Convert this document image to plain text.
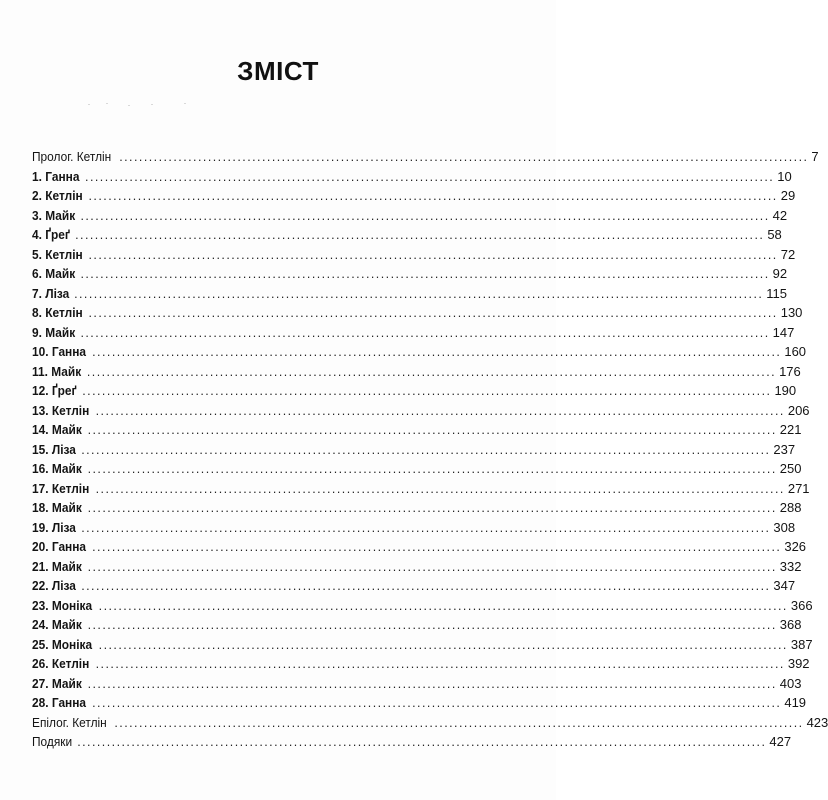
ЗМІСТ
Пролог. Кетлін ............................................................................................................................................ 7
1. Ганна ............................................................................................................................................ 10
2. Кетлін ............................................................................................................................................ 29
3. Майк ............................................................................................................................................ 42
4. Ґреґ ............................................................................................................................................ 58
5. Кетлін ............................................................................................................................................ 72
6. Майк ............................................................................................................................................ 92
7. Ліза ............................................................................................................................................ 115
8. Кетлін ............................................................................................................................................ 130
9. Майк ............................................................................................................................................ 147
10. Ганна ............................................................................................................................................ 160
11. Майк ............................................................................................................................................ 176
12. Ґреґ ............................................................................................................................................ 190
13. Кетлін ............................................................................................................................................ 206
14. Майк ............................................................................................................................................ 221
15. Ліза ............................................................................................................................................ 237
16. Майк ............................................................................................................................................ 250
17. Кетлін ............................................................................................................................................ 271
18. Майк ............................................................................................................................................ 288
19. Ліза ............................................................................................................................................ 308
20. Ганна ............................................................................................................................................ 326
21. Майк ............................................................................................................................................ 332
22. Ліза ............................................................................................................................................ 347
23. Моніка ............................................................................................................................................ 366
24. Майк ............................................................................................................................................ 368
25. Моніка ............................................................................................................................................ 387
26. Кетлін ............................................................................................................................................ 392
27. Майк ............................................................................................................................................ 403
28. Ганна ............................................................................................................................................ 419
Епілог. Кетлін ............................................................................................................................................ 423
Подяки ............................................................................................................................................ 427
